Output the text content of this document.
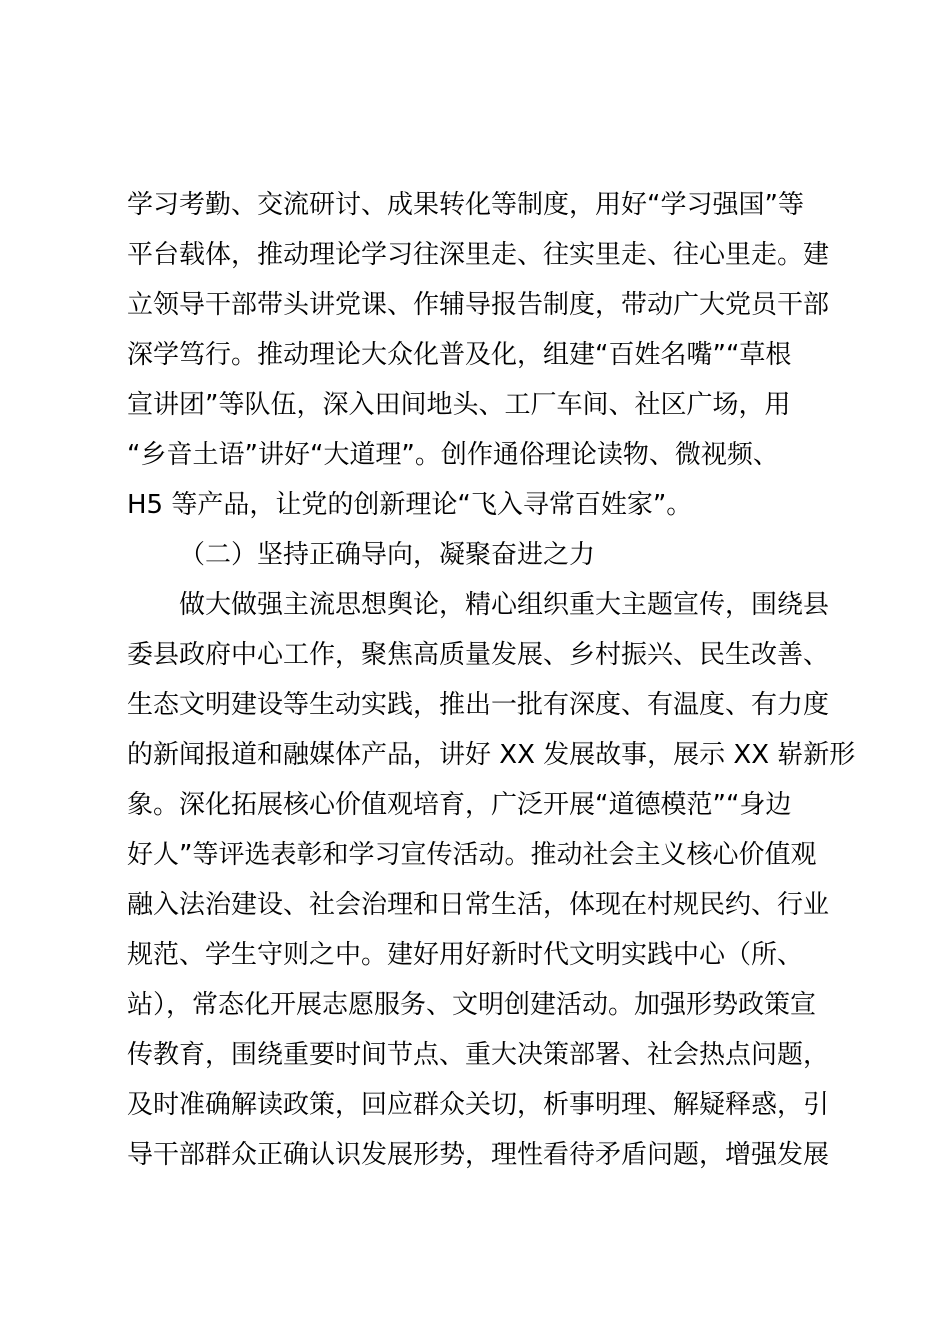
学习考勤、交流研讨、成果转化等制度，用好“学习强国”等
平台载体，推动理论学习往深里走、往实里走、往心里走。建
立领导干部带头讲党课、作辅导报告制度，带动广大党员干部
深学笃行。推动理论大众化普及化，组建“百姓名嘴”“草根
宣讲团”等队伍，深入田间地头、工厂车间、社区广场，用
“乡音土语”讲好“大道理”。创作通俗理论读物、微视频、
H5 等产品，让党的创新理论“飞入寻常百姓家”。
（二）坚持正确导向，凝聚奋进之力
做大做强主流思想舆论，精心组织重大主题宣传，围绕县
委县政府中心工作，聚焦高质量发展、乡村振兴、民生改善、
生态文明建设等生动实践，推出一批有深度、有温度、有力度
的新闻报道和融媒体产品，讲好 XX 发展故事，展示 XX 崭新形
象。深化拓展核心价值观培育，广泛开展“道德模范”“身边
好人”等评选表彰和学习宣传活动。推动社会主义核心价值观
融入法治建设、社会治理和日常生活，体现在村规民约、行业
规范、学生守则之中。建好用好新时代文明实践中心（所、
站），常态化开展志愿服务、文明创建活动。加强形势政策宣
传教育，围绕重要时间节点、重大决策部署、社会热点问题，
及时准确解读政策，回应群众关切，析事明理、解疑释惑，引
导干部群众正确认识发展形势，理性看待矛盾问题，增强发展
